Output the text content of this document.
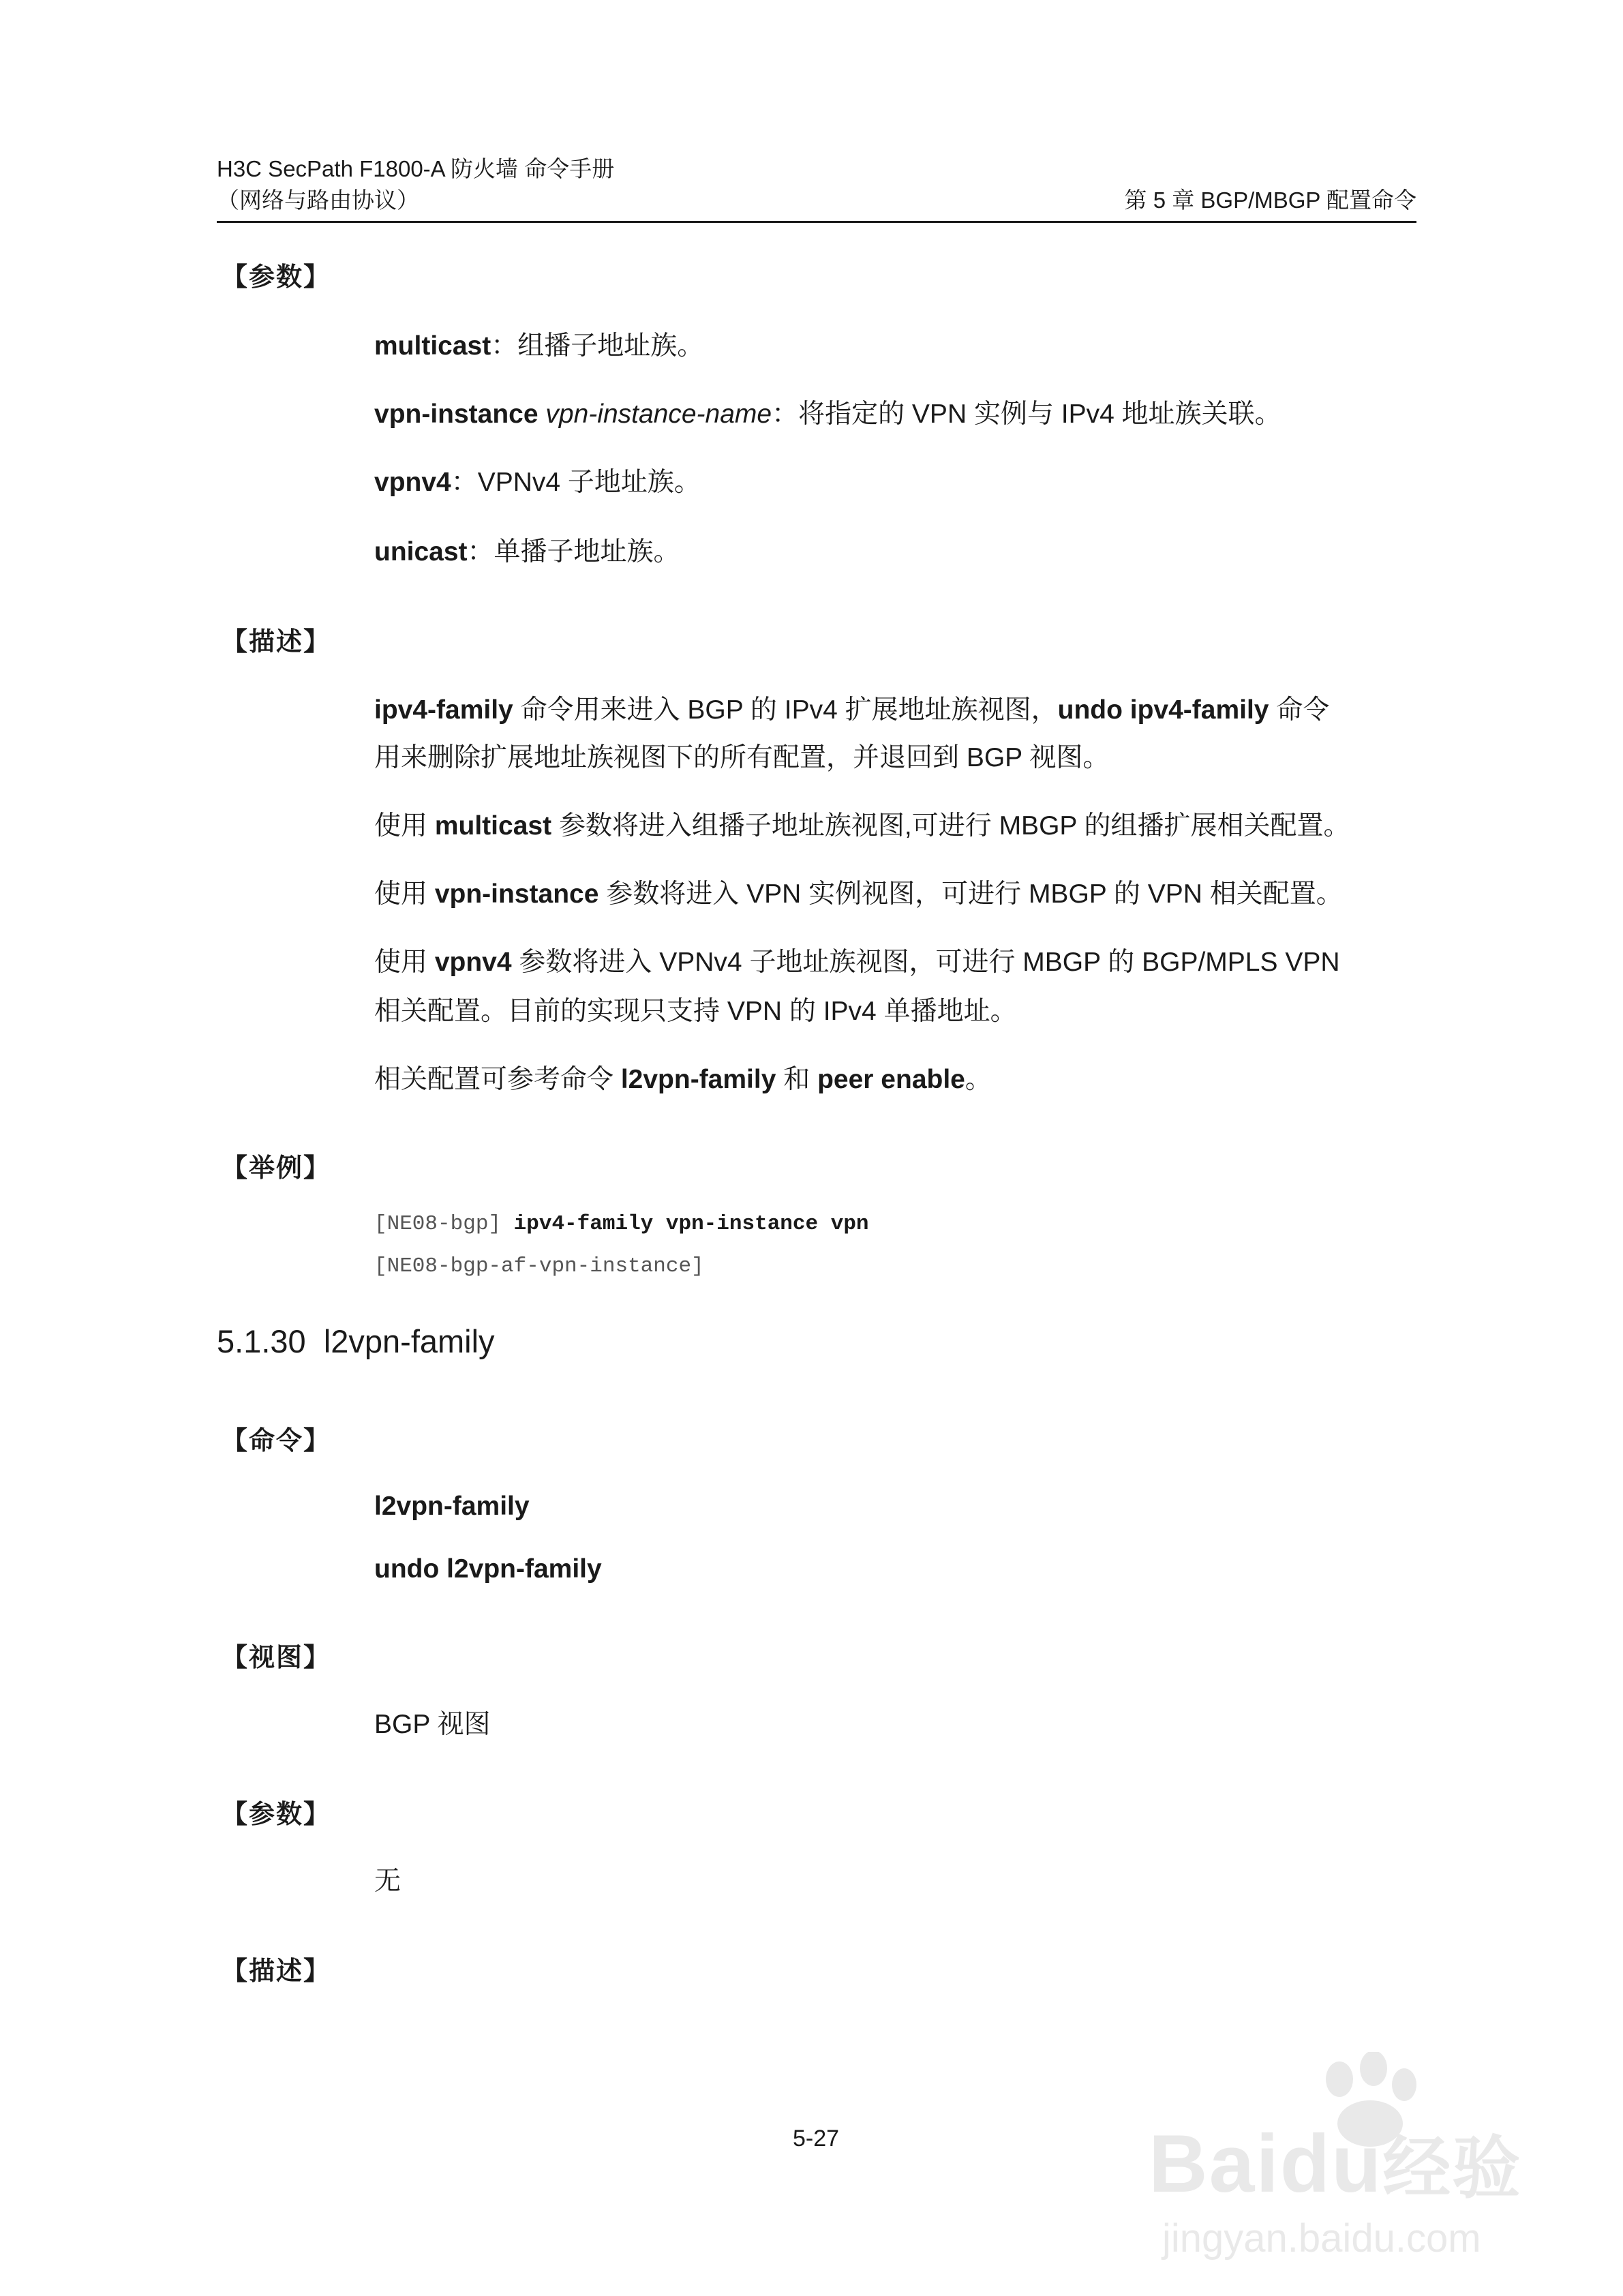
H3C SecPath F1800-A 防火墙 命令手册
（网络与路由协议）	第 5 章 BGP/MBGP 配置命令
【参数】
multicast：组播子地址族。
vpn-instance vpn-instance-name：将指定的 VPN 实例与 IPv4 地址族关联。
vpnv4：VPNv4 子地址族。
unicast：单播子地址族。
【描述】
ipv4-family 命令用来进入 BGP 的 IPv4 扩展地址族视图，undo ipv4-family 命令
用来删除扩展地址族视图下的所有配置，并退回到 BGP 视图。
使用 multicast 参数将进入组播子地址族视图,可进行 MBGP 的组播扩展相关配置。
使用 vpn-instance 参数将进入 VPN 实例视图，可进行 MBGP 的 VPN 相关配置。
使用 vpnv4 参数将进入 VPNv4 子地址族视图，可进行 MBGP 的 BGP/MPLS VPN
相关配置。目前的实现只支持 VPN 的 IPv4 单播地址。
相关配置可参考命令 l2vpn-family 和 peer enable。
【举例】
[NE08-bgp] ipv4-family vpn-instance vpn
[NE08-bgp-af-vpn-instance]
5.1.30 l2vpn-family
【命令】
l2vpn-family
undo l2vpn-family
【视图】
BGP 视图
【参数】
无
【描述】
5-27	Baidu经验
jingyan.baidu.com
